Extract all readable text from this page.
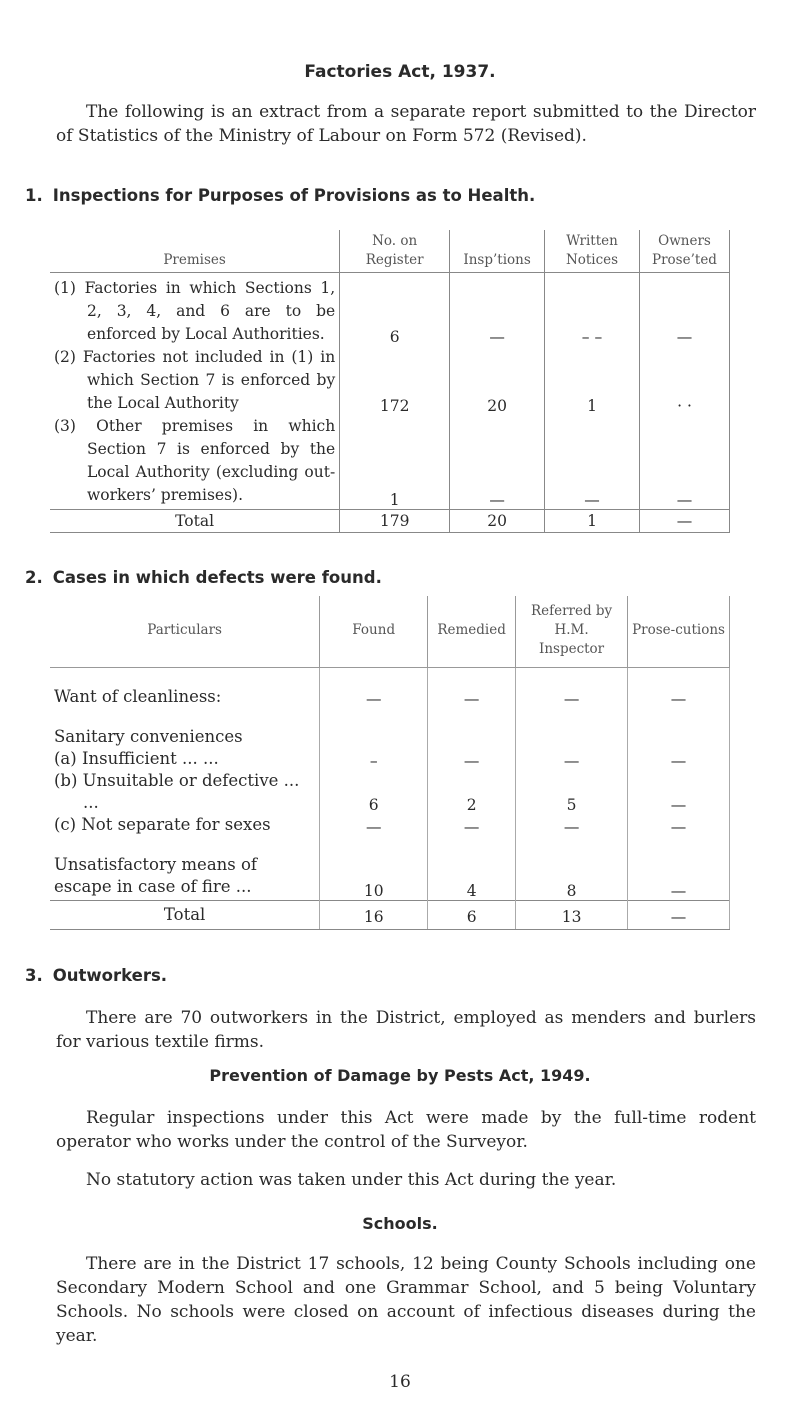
Factories Act, 1937.
The following is an extract from a separate report submitted to the Director of Statistics of the Ministry of Labour on Form 572 (Revised).
1. Inspections for Purposes of Provisions as to Health.
Premises	No. on Register	Insp’tions	Written Notices	Owners Prose’ted

(1) Factories in which Sections 1, 2, 3, 4, and 6 are to be enforced by Local Authorities.	6	—	– –	—

(2) Factories not included in (1) in which Section 7 is enforced by the Local Authority	172	20	1	· ·

(3) Other premises in which Section 7 is enforced by the Local Authority (excluding out-workers’ premises).	1	—	—	—
Total	179	20	1	—
2. Cases in which defects were found.
Particulars	Found	Remedied	Referred by H.M. Inspector	Prose-cutions
Want of cleanliness:	—	—	—	—
Sanitary conveniences				
(a) Insufficient ... ...	–	—	—	—
(b) Unsuitable or defective ... ...	6	2	5	—
(c) Not separate for sexes	—	—	—	—
Unsatisfactory means of escape in case of fire ...	10	4	8	—
Total	16	6	13	—
3. Outworkers.
There are 70 outworkers in the District, employed as menders and burlers for various textile firms.
Prevention of Damage by Pests Act, 1949.
Regular inspections under this Act were made by the full-time rodent operator who works under the control of the Surveyor.
No statutory action was taken under this Act during the year.
Schools.
There are in the District 17 schools, 12 being County Schools including one Secondary Modern School and one Grammar School, and 5 being Voluntary Schools. No schools were closed on account of infectious diseases during the year.
16
